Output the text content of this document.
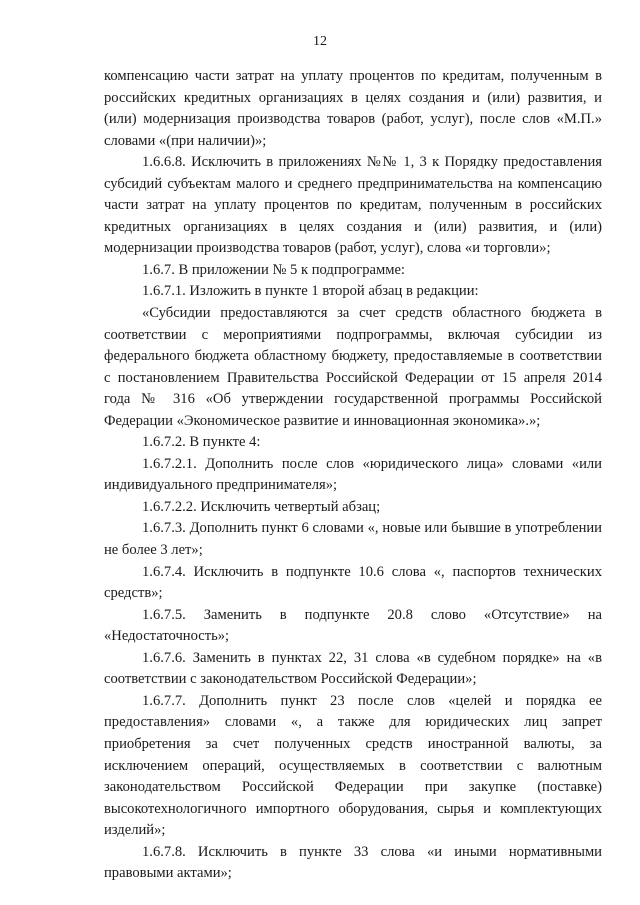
12

компенсацию части затрат на уплату процентов по кредитам, полученным в российских кредитных организациях в целях создания и (или) развития, и (или) модернизация производства товаров (работ, услуг), после слов «М.П.» словами «(при наличии)»;

1.6.6.8. Исключить в приложениях №№ 1, 3 к Порядку предоставления субсидий субъектам малого и среднего предпринимательства на компенсацию части затрат на уплату процентов по кредитам, полученным в российских кредитных организациях в целях создания и (или) развития, и (или) модернизации производства товаров (работ, услуг), слова «и торговли»;

1.6.7. В приложении № 5 к подпрограмме:

1.6.7.1. Изложить в пункте 1 второй абзац в редакции:

«Субсидии предоставляются за счет средств областного бюджета в соответствии с мероприятиями подпрограммы, включая субсидии из федерального бюджета областному бюджету, предоставляемые в соответствии с постановлением Правительства Российской Федерации от 15 апреля 2014 года № 316 «Об утверждении государственной программы Российской Федерации «Экономическое развитие и инновационная экономика».»;

1.6.7.2. В пункте 4:

1.6.7.2.1. Дополнить после слов «юридического лица» словами «или индивидуального предпринимателя»;

1.6.7.2.2. Исключить четвертый абзац;

1.6.7.3. Дополнить пункт 6 словами «, новые или бывшие в употреблении не более 3 лет»;

1.6.7.4. Исключить в подпункте 10.6 слова «, паспортов технических средств»;

1.6.7.5. Заменить в подпункте 20.8 слово «Отсутствие» на «Недостаточность»;

1.6.7.6. Заменить в пунктах 22, 31 слова «в судебном порядке» на «в соответствии с законодательством Российской Федерации»;

1.6.7.7. Дополнить пункт 23 после слов «целей и порядка ее предоставления» словами «, а также для юридических лиц запрет приобретения за счет полученных средств иностранной валюты, за исключением операций, осуществляемых в соответствии с валютным законодательством Российской Федерации при закупке (поставке) высокотехнологичного импортного оборудования, сырья и комплектующих изделий»;

1.6.7.8. Исключить в пункте 33 слова «и иными нормативными правовыми актами»;
